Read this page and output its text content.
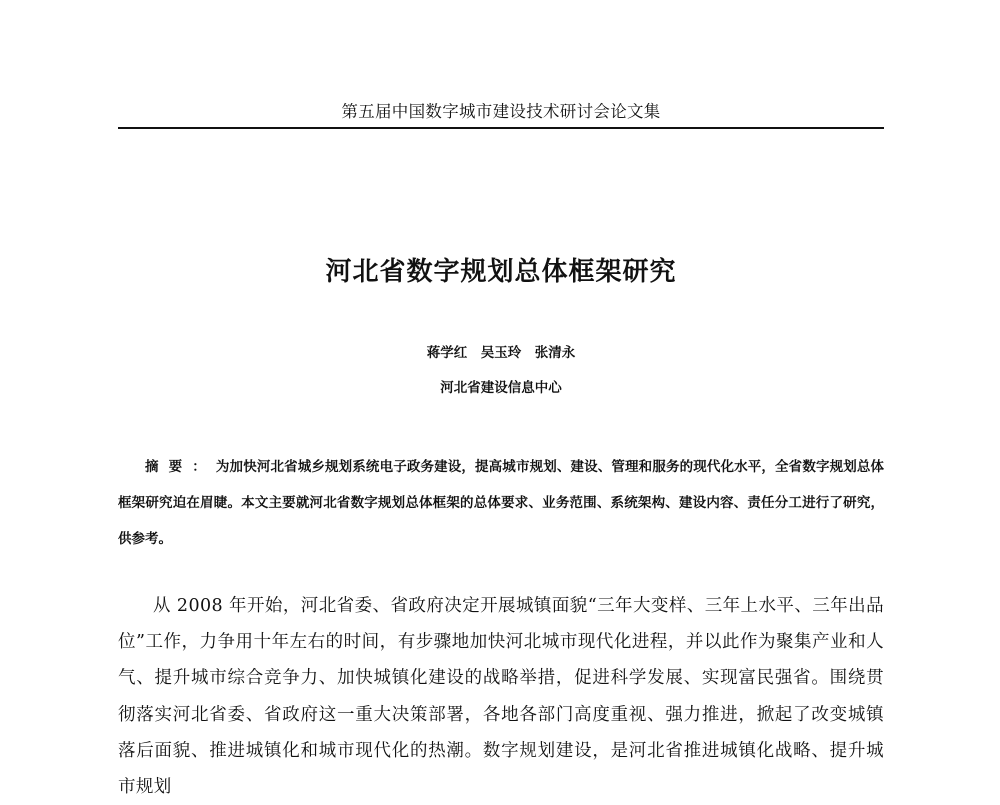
第五届中国数字城市建设技术研讨会论文集
河北省数字规划总体框架研究
蒋学红　吴玉玲　张清永
河北省建设信息中心
摘要：为加快河北省城乡规划系统电子政务建设，提高城市规划、建设、管理和服务的现代化水平，全省数字规划总体框架研究迫在眉睫。本文主要就河北省数字规划总体框架的总体要求、业务范围、系统架构、建设内容、责任分工进行了研究，供参考。
从 2008 年开始，河北省委、省政府决定开展城镇面貌“三年大变样、三年上水平、三年出品位”工作，力争用十年左右的时间，有步骤地加快河北城市现代化进程，并以此作为聚集产业和人气、提升城市综合竞争力、加快城镇化建设的战略举措，促进科学发展、实现富民强省。围绕贯彻落实河北省委、省政府这一重大决策部署，各地各部门高度重视、强力推进，掀起了改变城镇落后面貌、推进城镇化和城市现代化的热潮。数字规划建设，是河北省推进城镇化战略、提升城市规划
